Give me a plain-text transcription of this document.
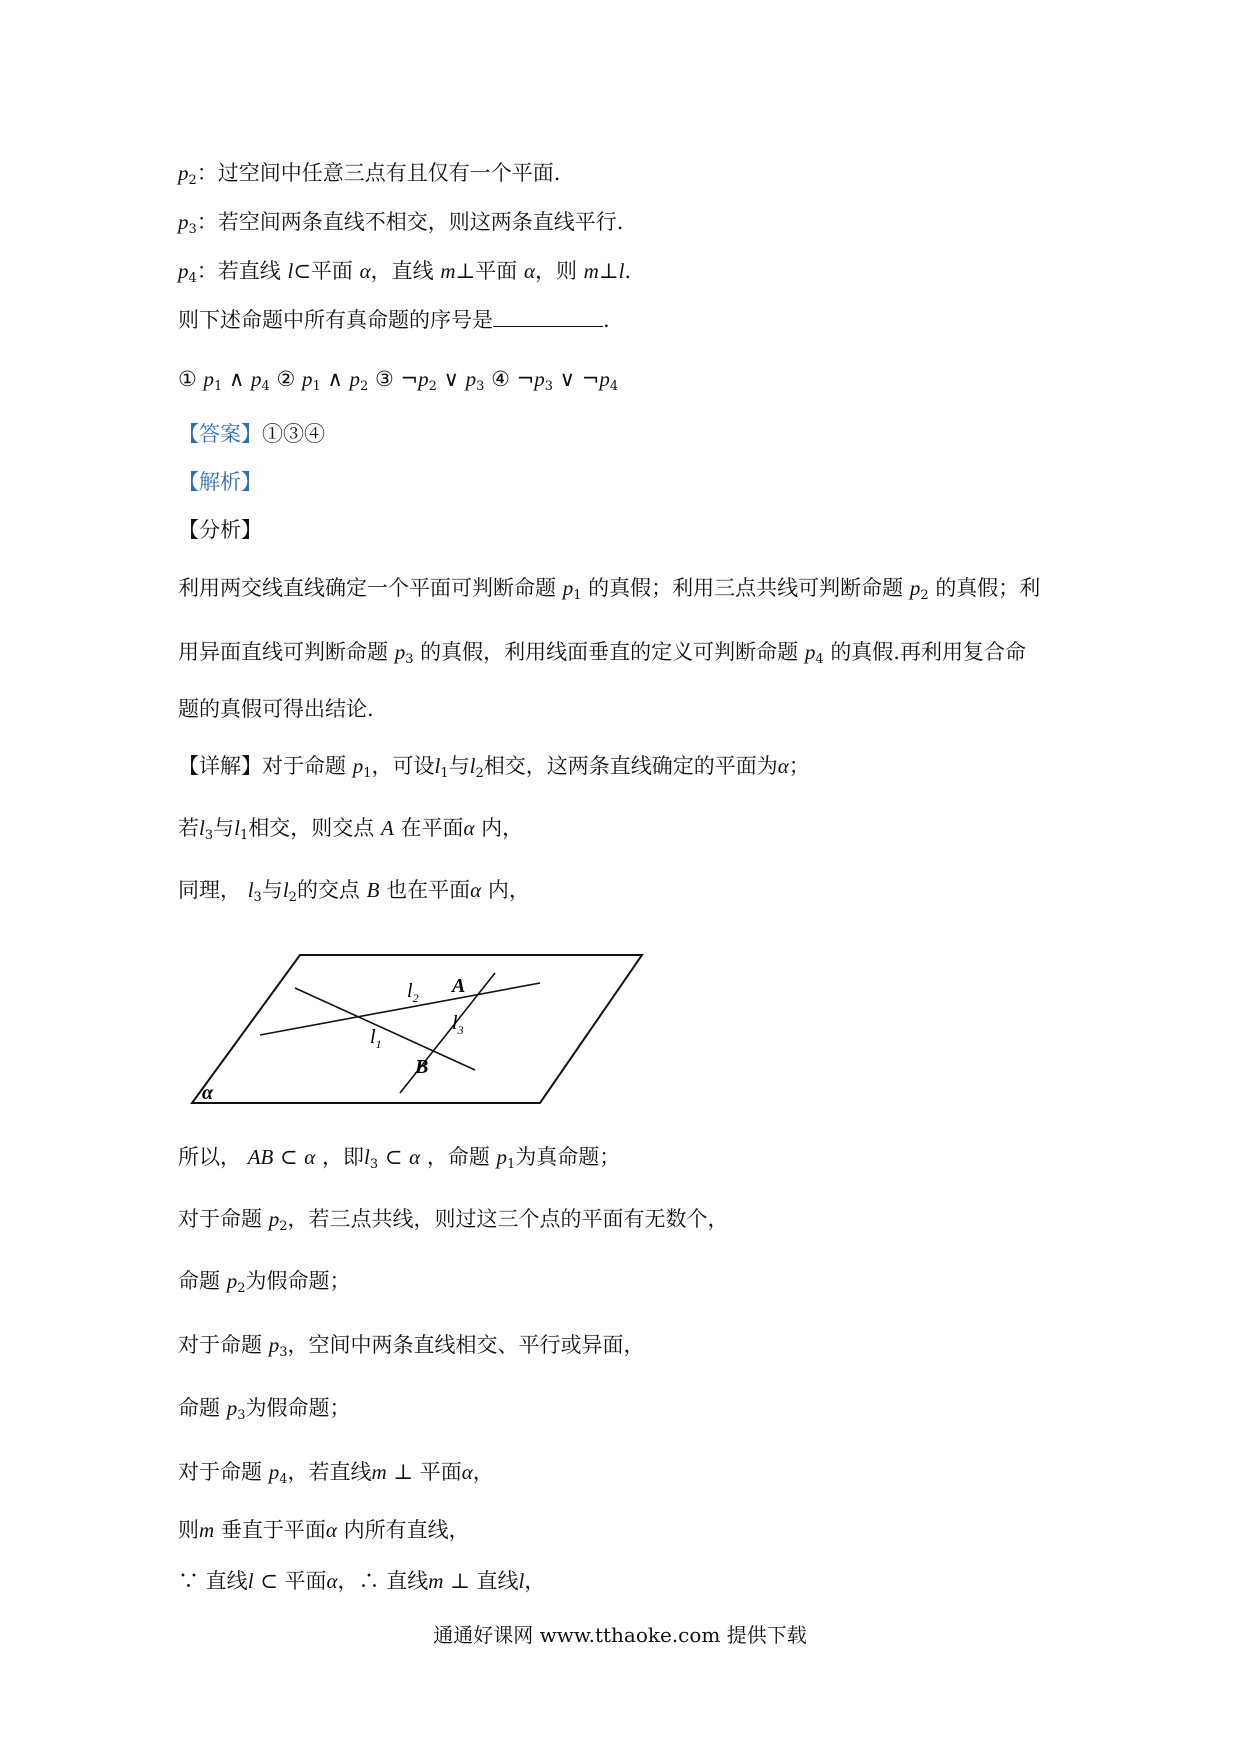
$p_2$：过空间中任意三点有且仅有一个平面.
$p_3$：若空间两条直线不相交，则这两条直线平行.
$p_4$：若直线 l⊂平面 α，直线 m⊥平面 α，则 m⊥l.
则下述命题中所有真命题的序号是	.
① $p_1$ ∧ $p_4$ ② $p_1$ ∧ $p_2$ ③ $\neg p_2$ ∨ $p_3$ ④ $\neg p_3$ ∨ $\neg p_4$
【答案】①③④
【解析】
【分析】
利用两交线直线确定一个平面可判断命题 $p_1$ 的真假；利用三点共线可判断命题 $p_2$ 的真假；利
用异面直线可判断命题 $p_3$ 的真假，利用线面垂直的定义可判断命题 $p_4$ 的真假.再利用复合命
题的真假可得出结论.
【详解】对于命题 $p_1$，可设$l_1$与$l_2$相交，这两条直线确定的平面为α；
若$l_3$与$l_1$相交，则交点 A 在平面α 内，
同理， $l_3$与$l_2$的交点 B 也在平面α 内，
$l_2$
A
$l_3$
$l_1$
B
α
所以， AB ⊂ α ，即$l_3$ ⊂ α ，命题 $p_1$为真命题；
对于命题 $p_2$，若三点共线，则过这三个点的平面有无数个，
命题 $p_2$为假命题；
对于命题 $p_3$，空间中两条直线相交、平行或异面，
命题 $p_3$为假命题；
对于命题 $p_4$，若直线m ⊥ 平面α，
则m 垂直于平面α 内所有直线，
∵ 直线l ⊂ 平面α，∴ 直线m ⊥ 直线l，
通通好课网 www.tthaoke.com 提供下载
